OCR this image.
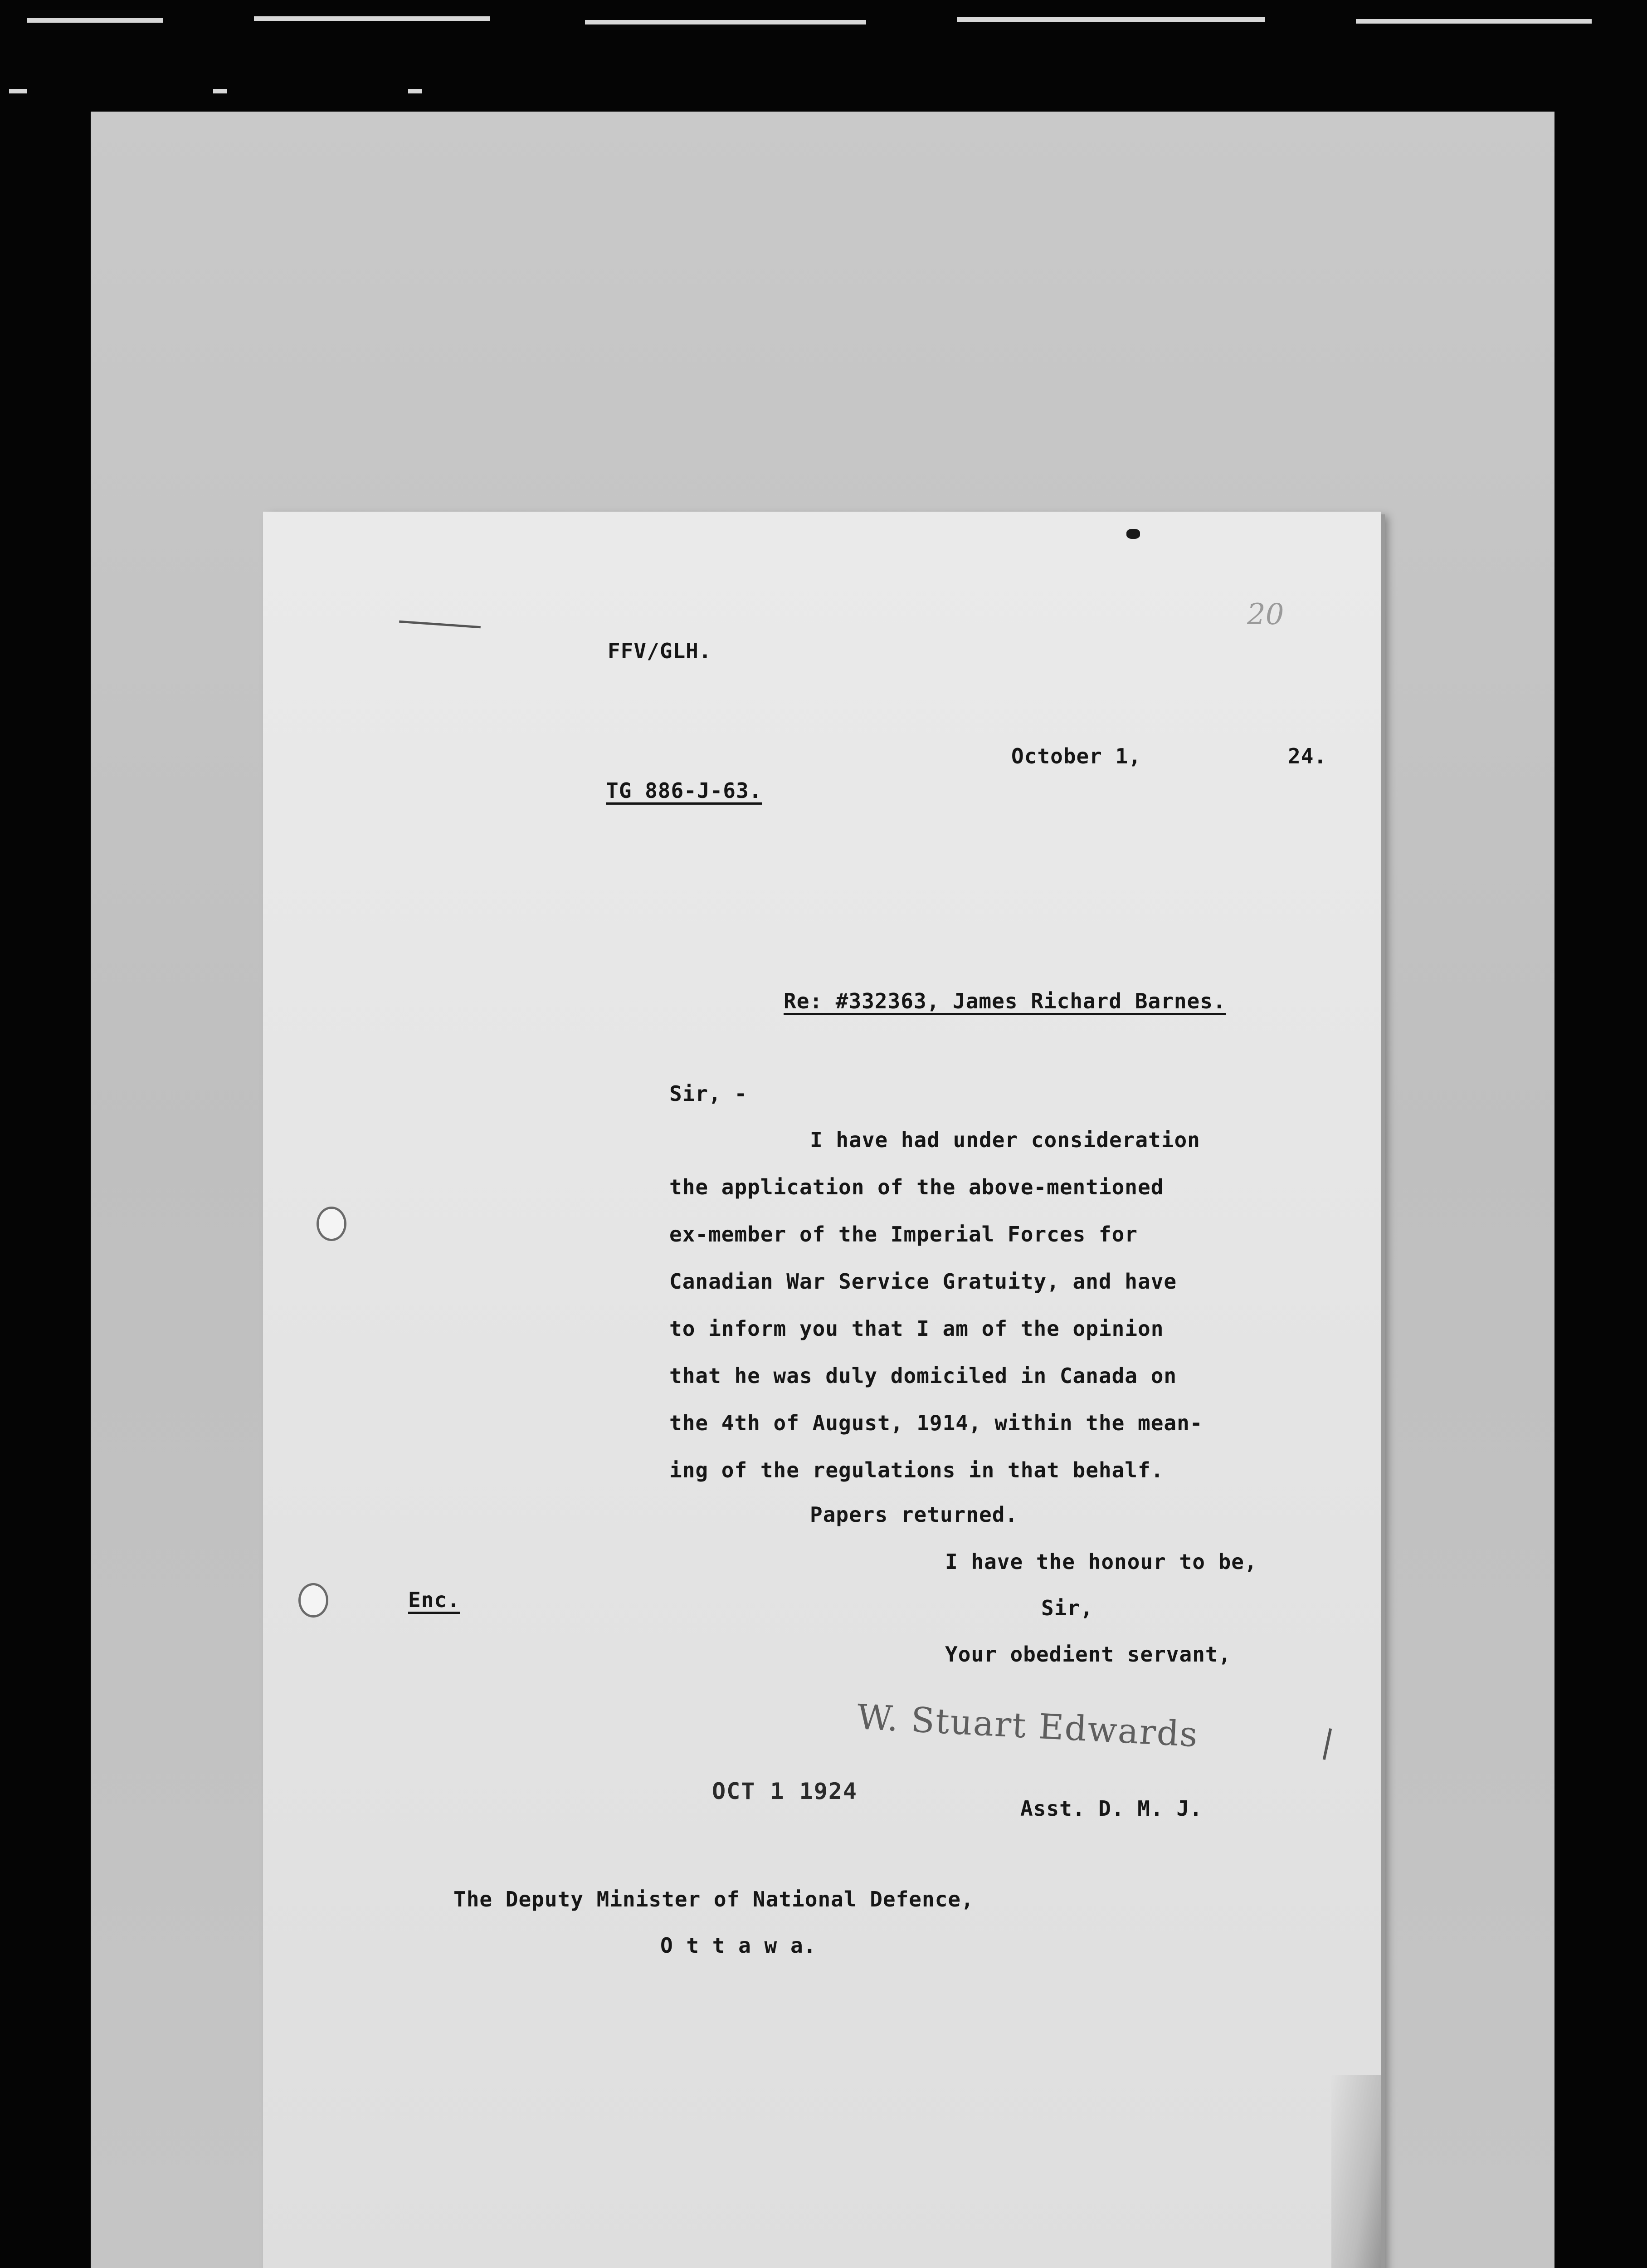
FFV/GLH.
20
October 1,	24.
TG 886-J-63.
Re: #332363, James Richard Barnes.
Sir, -
I have had under consideration
the application of the above-mentioned
ex-member of the Imperial Forces for
Canadian War Service Gratuity, and have
to inform you that I am of the opinion
that he was duly domiciled in Canada on
the 4th of August, 1914, within the mean-
ing of the regulations in that behalf.
Papers returned.
I have the honour to be,
Enc.	Sir,
Your obedient servant,
W. Stuart Edwards
OCT 1 1924
Asst. D. M. J.
The Deputy Minister of National Defence,
O t t a w a.
